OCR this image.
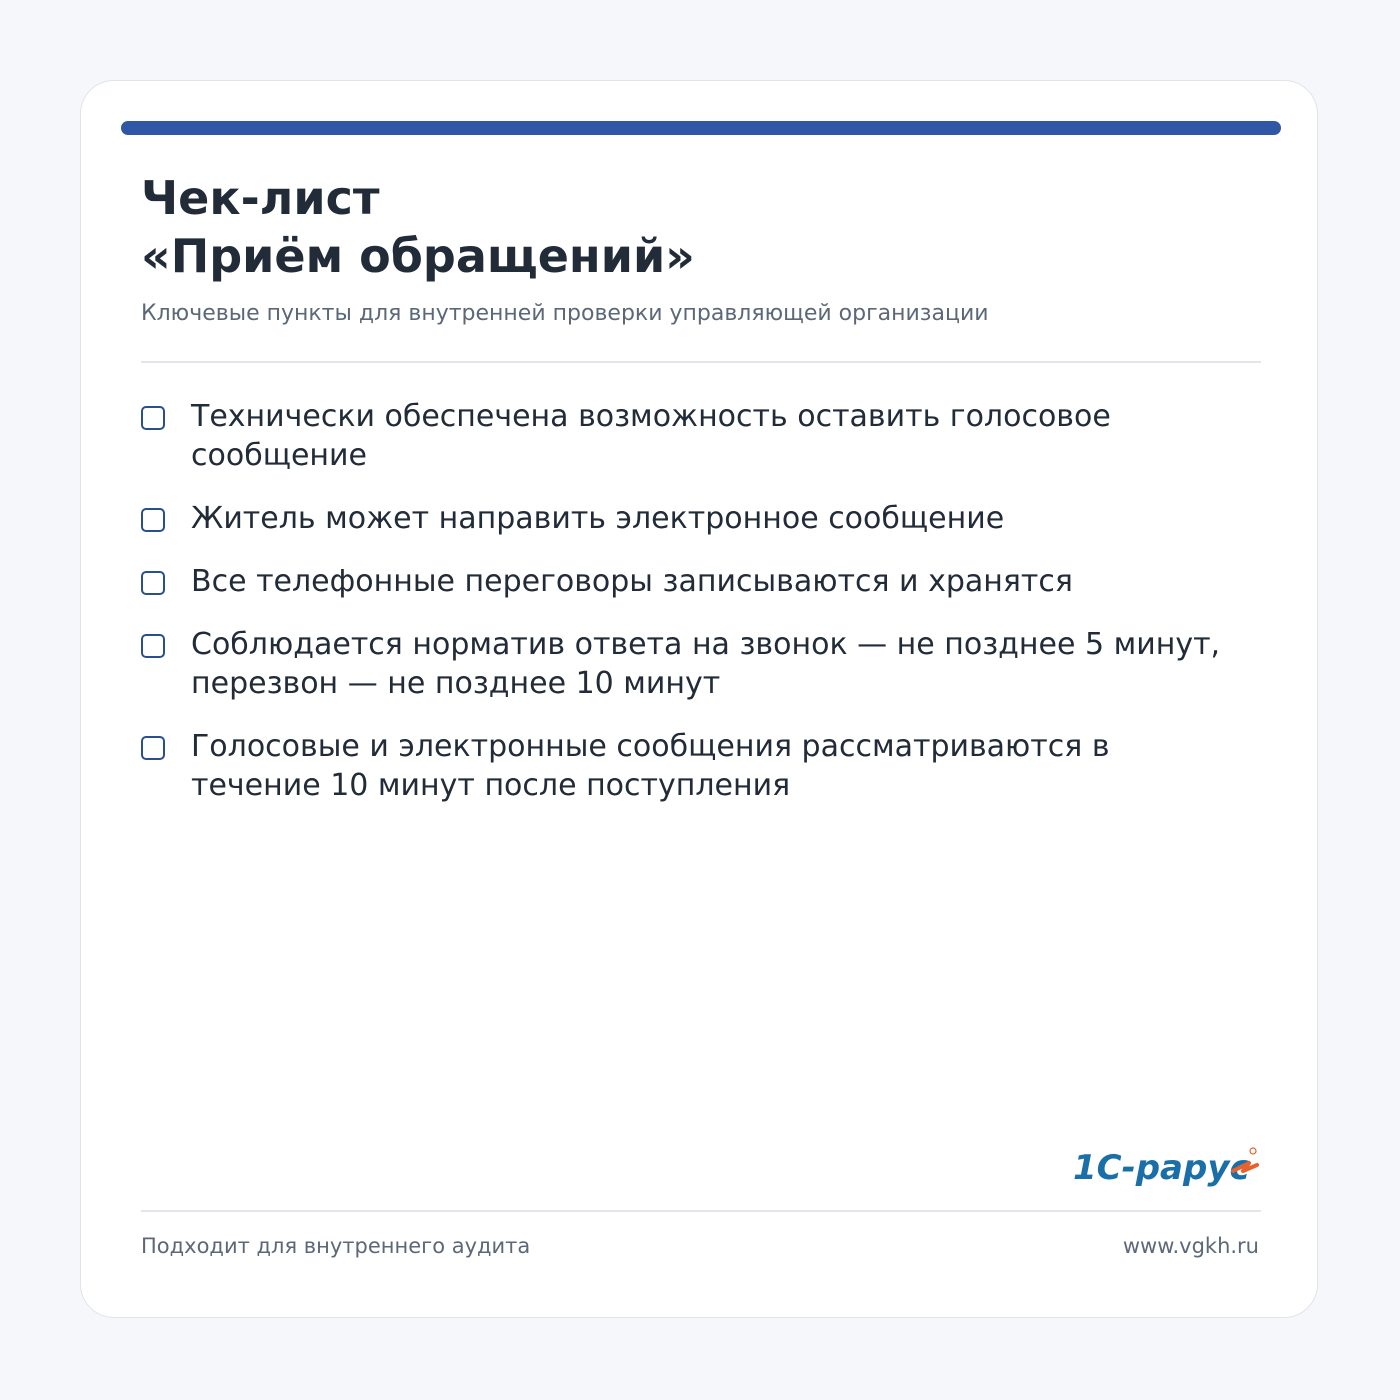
Чек-лист
«Приём обращений»
Ключевые пункты для внутренней проверки управляющей организации
Технически обеспечена возможность оставить голосовое сообщение
Житель может направить электронное сообщение
Все телефонные переговоры записываются и хранятся
Соблюдается норматив ответа на звонок — не позднее 5 минут, перезвон — не позднее 10 минут
Голосовые и электронные сообщения рассматриваются в течение 10 минут после поступления
1С-рарус
Подходит для внутреннего аудита	www.vgkh.ru
